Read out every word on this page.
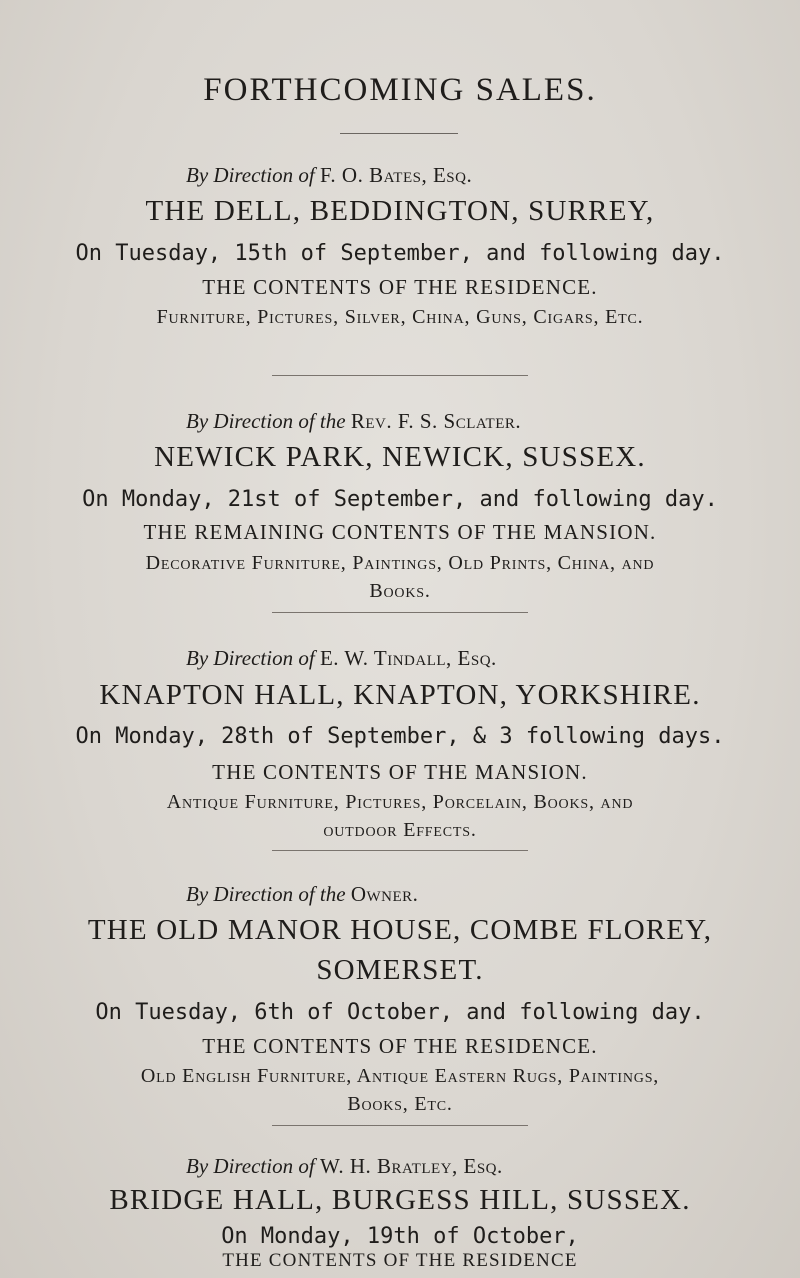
FORTHCOMING SALES.
By Direction of F. O. Bates, Esq.
THE DELL, BEDDINGTON, SURREY,
On Tuesday, 15th of September, and following day.
THE CONTENTS OF THE RESIDENCE.
Furniture, Pictures, Silver, China, Guns, Cigars, Etc.
By Direction of the Rev. F. S. Sclater.
NEWICK PARK, NEWICK, SUSSEX.
On Monday, 21st of September, and following day.
THE REMAINING CONTENTS OF THE MANSION.
Decorative Furniture, Paintings, Old Prints, China, and
Books.
By Direction of E. W. Tindall, Esq.
KNAPTON HALL, KNAPTON, YORKSHIRE.
On Monday, 28th of September, & 3 following days.
THE CONTENTS OF THE MANSION.
Antique Furniture, Pictures, Porcelain, Books, and
outdoor Effects.
By Direction of the Owner.
THE OLD MANOR HOUSE, COMBE FLOREY,
SOMERSET.
On Tuesday, 6th of October, and following day.
THE CONTENTS OF THE RESIDENCE.
Old English Furniture, Antique Eastern Rugs, Paintings,
Books, Etc.
By Direction of W. H. Bratley, Esq.
BRIDGE HALL, BURGESS HILL, SUSSEX.
On Monday, 19th of October,
THE CONTENTS OF THE RESIDENCE
